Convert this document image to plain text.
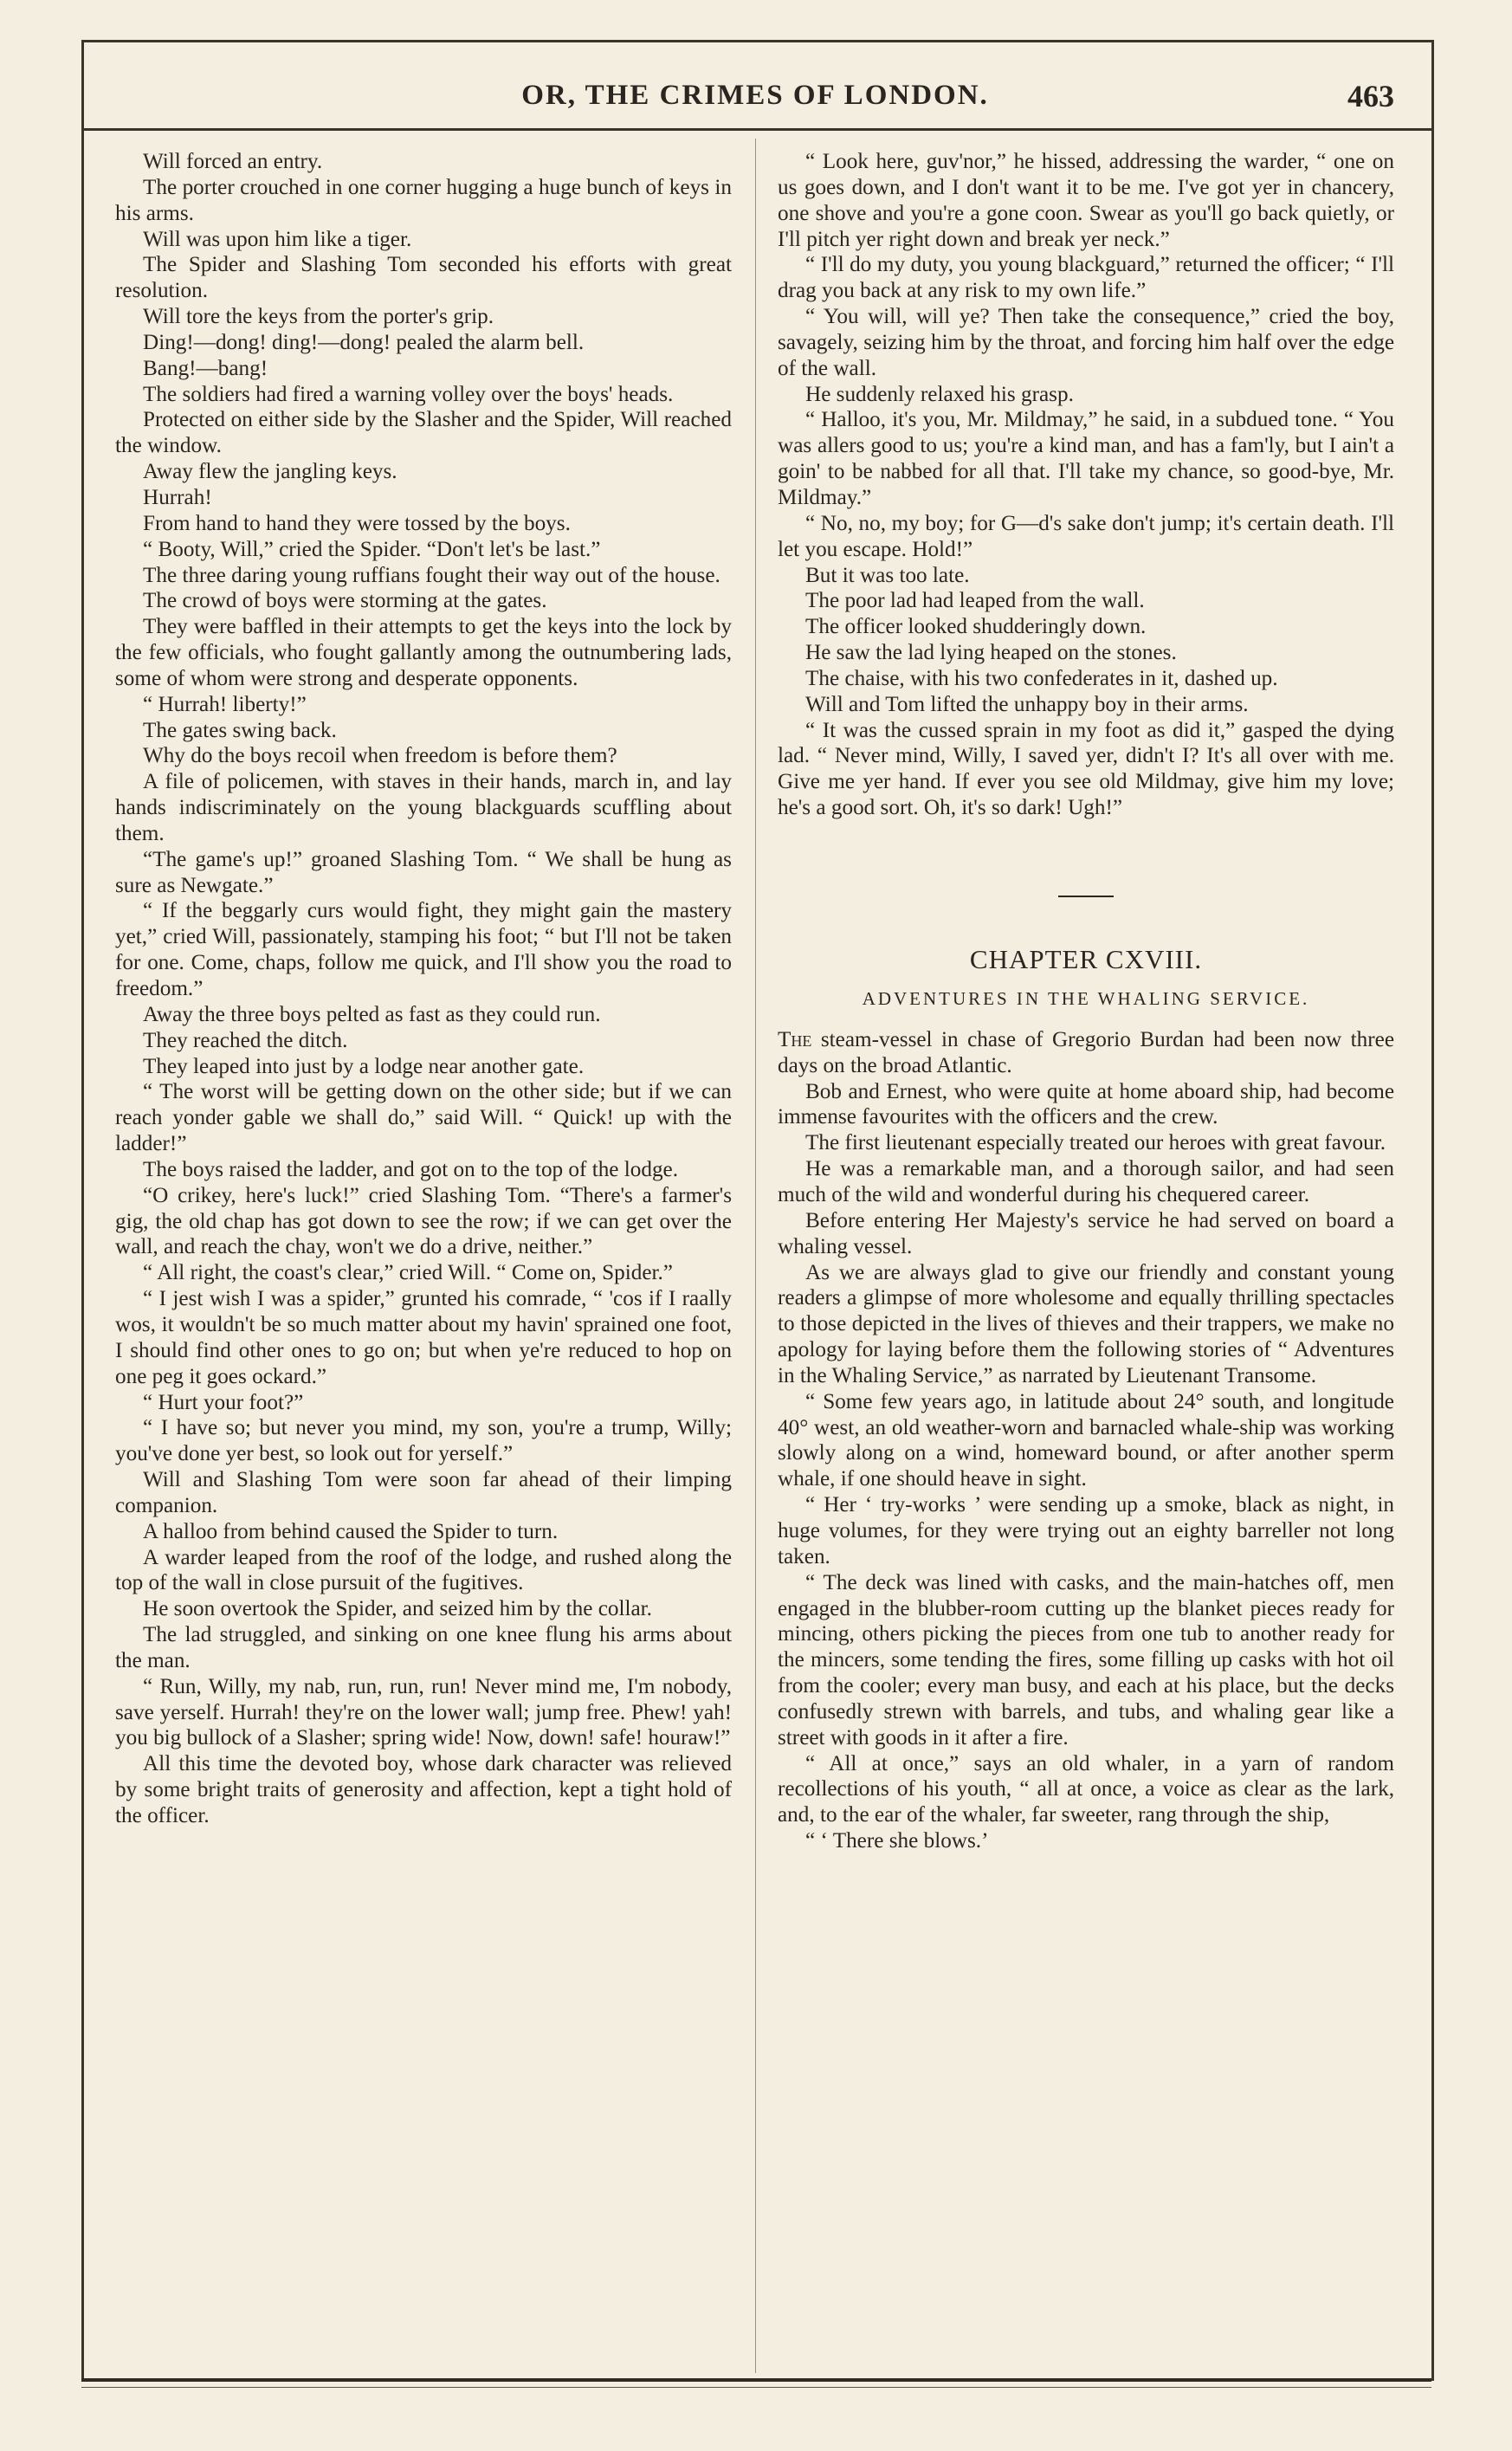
OR, THE CRIMES OF LONDON.	463

Will forced an entry.

The porter crouched in one corner hugging a huge bunch of keys in his arms.

Will was upon him like a tiger.

The Spider and Slashing Tom seconded his efforts with great resolution.

Will tore the keys from the porter's grip.

Ding!—dong! ding!—dong! pealed the alarm bell.

Bang!—bang!

The soldiers had fired a warning volley over the boys' heads.

Protected on either side by the Slasher and the Spider, Will reached the window.

Away flew the jangling keys.

Hurrah!

From hand to hand they were tossed by the boys.

“ Booty, Will,” cried the Spider. “Don't let's be last.”

The three daring young ruffians fought their way out of the house.

The crowd of boys were storming at the gates.

They were baffled in their attempts to get the keys into the lock by the few officials, who fought gallantly among the outnumbering lads, some of whom were strong and desperate opponents.

“ Hurrah! liberty!”

The gates swing back.

Why do the boys recoil when freedom is before them?

A file of policemen, with staves in their hands, march in, and lay hands indiscriminately on the young blackguards scuffling about them.

“The game's up!” groaned Slashing Tom. “ We shall be hung as sure as Newgate.”

“ If the beggarly curs would fight, they might gain the mastery yet,” cried Will, passionately, stamping his foot; “ but I'll not be taken for one. Come, chaps, follow me quick, and I'll show you the road to freedom.”

Away the three boys pelted as fast as they could run.

They reached the ditch.

They leaped into just by a lodge near another gate.

“ The worst will be getting down on the other side; but if we can reach yonder gable we shall do,” said Will. “ Quick! up with the ladder!”

The boys raised the ladder, and got on to the top of the lodge.

“O crikey, here's luck!” cried Slashing Tom. “There's a farmer's gig, the old chap has got down to see the row; if we can get over the wall, and reach the chay, won't we do a drive, neither.”

“ All right, the coast's clear,” cried Will. “ Come on, Spider.”

“ I jest wish I was a spider,” grunted his comrade, “ 'cos if I raally wos, it wouldn't be so much matter about my havin' sprained one foot, I should find other ones to go on; but when ye're reduced to hop on one peg it goes ockard.”

“ Hurt your foot?”

“ I have so; but never you mind, my son, you're a trump, Willy; you've done yer best, so look out for yerself.”

Will and Slashing Tom were soon far ahead of their limping companion.

A halloo from behind caused the Spider to turn.

A warder leaped from the roof of the lodge, and rushed along the top of the wall in close pursuit of the fugitives.

He soon overtook the Spider, and seized him by the collar.

The lad struggled, and sinking on one knee flung his arms about the man.

“ Run, Willy, my nab, run, run, run! Never mind me, I'm nobody, save yerself. Hurrah! they're on the lower wall; jump free. Phew! yah! you big bullock of a Slasher; spring wide! Now, down! safe! houraw!”

All this time the devoted boy, whose dark character was relieved by some bright traits of generosity and affection, kept a tight hold of the officer.

“ Look here, guv'nor,” he hissed, addressing the warder, “ one on us goes down, and I don't want it to be me. I've got yer in chancery, one shove and you're a gone coon. Swear as you'll go back quietly, or I'll pitch yer right down and break yer neck.”

“ I'll do my duty, you young blackguard,” returned the officer; “ I'll drag you back at any risk to my own life.”

“ You will, will ye? Then take the consequence,” cried the boy, savagely, seizing him by the throat, and forcing him half over the edge of the wall.

He suddenly relaxed his grasp.

“ Halloo, it's you, Mr. Mildmay,” he said, in a subdued tone. “ You was allers good to us; you're a kind man, and has a fam'ly, but I ain't a goin' to be nabbed for all that. I'll take my chance, so good-bye, Mr. Mildmay.”

“ No, no, my boy; for G—d's sake don't jump; it's certain death. I'll let you escape. Hold!”

But it was too late.

The poor lad had leaped from the wall.

The officer looked shudderingly down.

He saw the lad lying heaped on the stones.

The chaise, with his two confederates in it, dashed up.

Will and Tom lifted the unhappy boy in their arms.

“ It was the cussed sprain in my foot as did it,” gasped the dying lad. “ Never mind, Willy, I saved yer, didn't I? It's all over with me. Give me yer hand. If ever you see old Mildmay, give him my love; he's a good sort. Oh, it's so dark! Ugh!”

CHAPTER CXVIII.
ADVENTURES IN THE WHALING SERVICE.

The steam-vessel in chase of Gregorio Burdan had been now three days on the broad Atlantic.

Bob and Ernest, who were quite at home aboard ship, had become immense favourites with the officers and the crew.

The first lieutenant especially treated our heroes with great favour.

He was a remarkable man, and a thorough sailor, and had seen much of the wild and wonderful during his chequered career.

Before entering Her Majesty's service he had served on board a whaling vessel.

As we are always glad to give our friendly and constant young readers a glimpse of more wholesome and equally thrilling spectacles to those depicted in the lives of thieves and their trappers, we make no apology for laying before them the following stories of “ Adventures in the Whaling Service,” as narrated by Lieutenant Transome.

“ Some few years ago, in latitude about 24° south, and longitude 40° west, an old weather-worn and barnacled whale-ship was working slowly along on a wind, homeward bound, or after another sperm whale, if one should heave in sight.

“ Her ‘ try-works ’ were sending up a smoke, black as night, in huge volumes, for they were trying out an eighty barreller not long taken.

“ The deck was lined with casks, and the main-hatches off, men engaged in the blubber-room cutting up the blanket pieces ready for mincing, others picking the pieces from one tub to another ready for the mincers, some tending the fires, some filling up casks with hot oil from the cooler; every man busy, and each at his place, but the decks confusedly strewn with barrels, and tubs, and whaling gear like a street with goods in it after a fire.

“ All at once,” says an old whaler, in a yarn of random recollections of his youth, “ all at once, a voice as clear as the lark, and, to the ear of the whaler, far sweeter, rang through the ship,

“ ‘ There she blows.’
